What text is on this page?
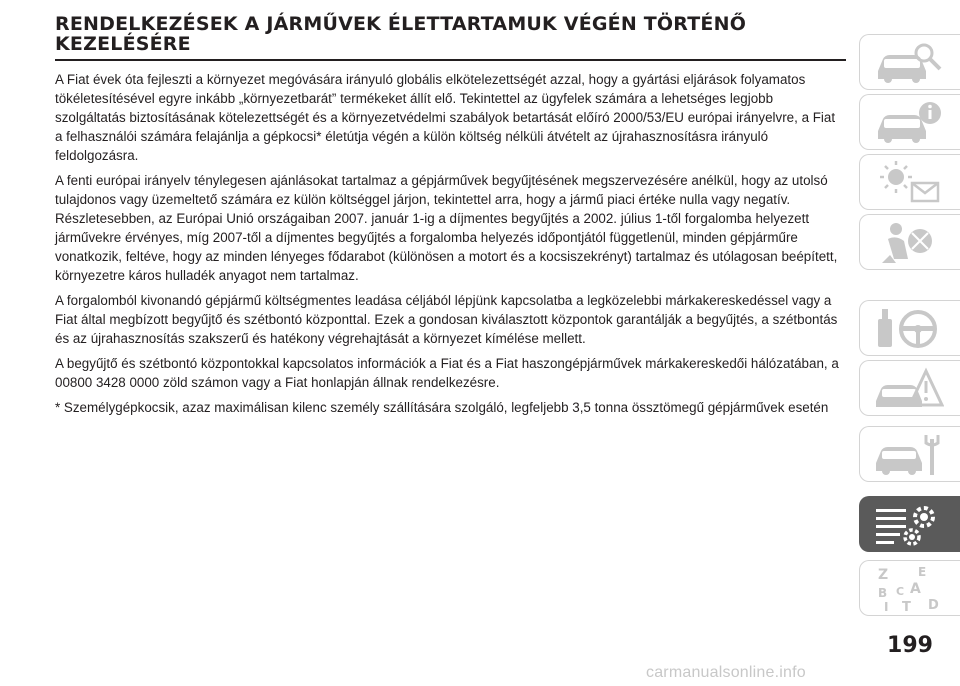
RENDELKEZÉSEK A JÁRMŰVEK ÉLETTARTAMUK VÉGÉN TÖRTÉNŐ KEZELÉSÉRE

A Fiat évek óta fejleszti a környezet megóvására irányuló globális elkötelezettségét azzal, hogy a gyártási eljárások folyamatos tökéletesítésével egyre inkább „környezetbarát” termékeket állít elő. Tekintettel az ügyfelek számára a lehetséges legjobb szolgáltatás biztosításának kötelezettségét és a környezetvédelmi szabályok betartását előíró 2000/53/EU európai irányelvre, a Fiat a felhasználói számára felajánlja a gépkocsi* életútja végén a külön költség nélküli átvételt az újrahasznosításra irányuló feldolgozásra.

A fenti európai irányelv ténylegesen ajánlásokat tartalmaz a gépjárművek begyűjtésének megszervezésére anélkül, hogy az utolsó tulajdonos vagy üzemeltető számára ez külön költséggel járjon, tekintettel arra, hogy a jármű piaci értéke nulla vagy negatív. Részletesebben, az Európai Unió országaiban 2007. január 1-ig a díjmentes begyűjtés a 2002. július 1-től forgalomba helyezett járművekre érvényes, míg 2007-től a díjmentes begyűjtés a forgalomba helyezés időpontjától függetlenül, minden gépjárműre vonatkozik, feltéve, hogy az minden lényeges fődarabot (különösen a motort és a kocsiszekrényt) tartalmaz és utólagosan beépített, környezetre káros hulladék anyagot nem tartalmaz.

A forgalomból kivonandó gépjármű költségmentes leadása céljából lépjünk kapcsolatba a legközelebbi márkakereskedéssel vagy a Fiat által megbízott begyűjtő és szétbontó központtal. Ezek a gondosan kiválasztott központok garantálják a begyűjtés, a szétbontás és az újrahasznosítás szakszerű és hatékony végrehajtását a környezet kímélése mellett.

A begyűjtő és szétbontó központokkal kapcsolatos információk a Fiat és a Fiat haszongépjárművek márkakereskedői hálózatában, a 00800 3428 0000 zöld számon vagy a Fiat honlapján állnak rendelkezésre.

* Személygépkocsik, azaz maximálisan kilenc személy szállítására szolgáló, legfeljebb 3,5 tonna össztömegű gépjárművek esetén

Z E
A
B C
D
I T
199
carmanualsonline.info
